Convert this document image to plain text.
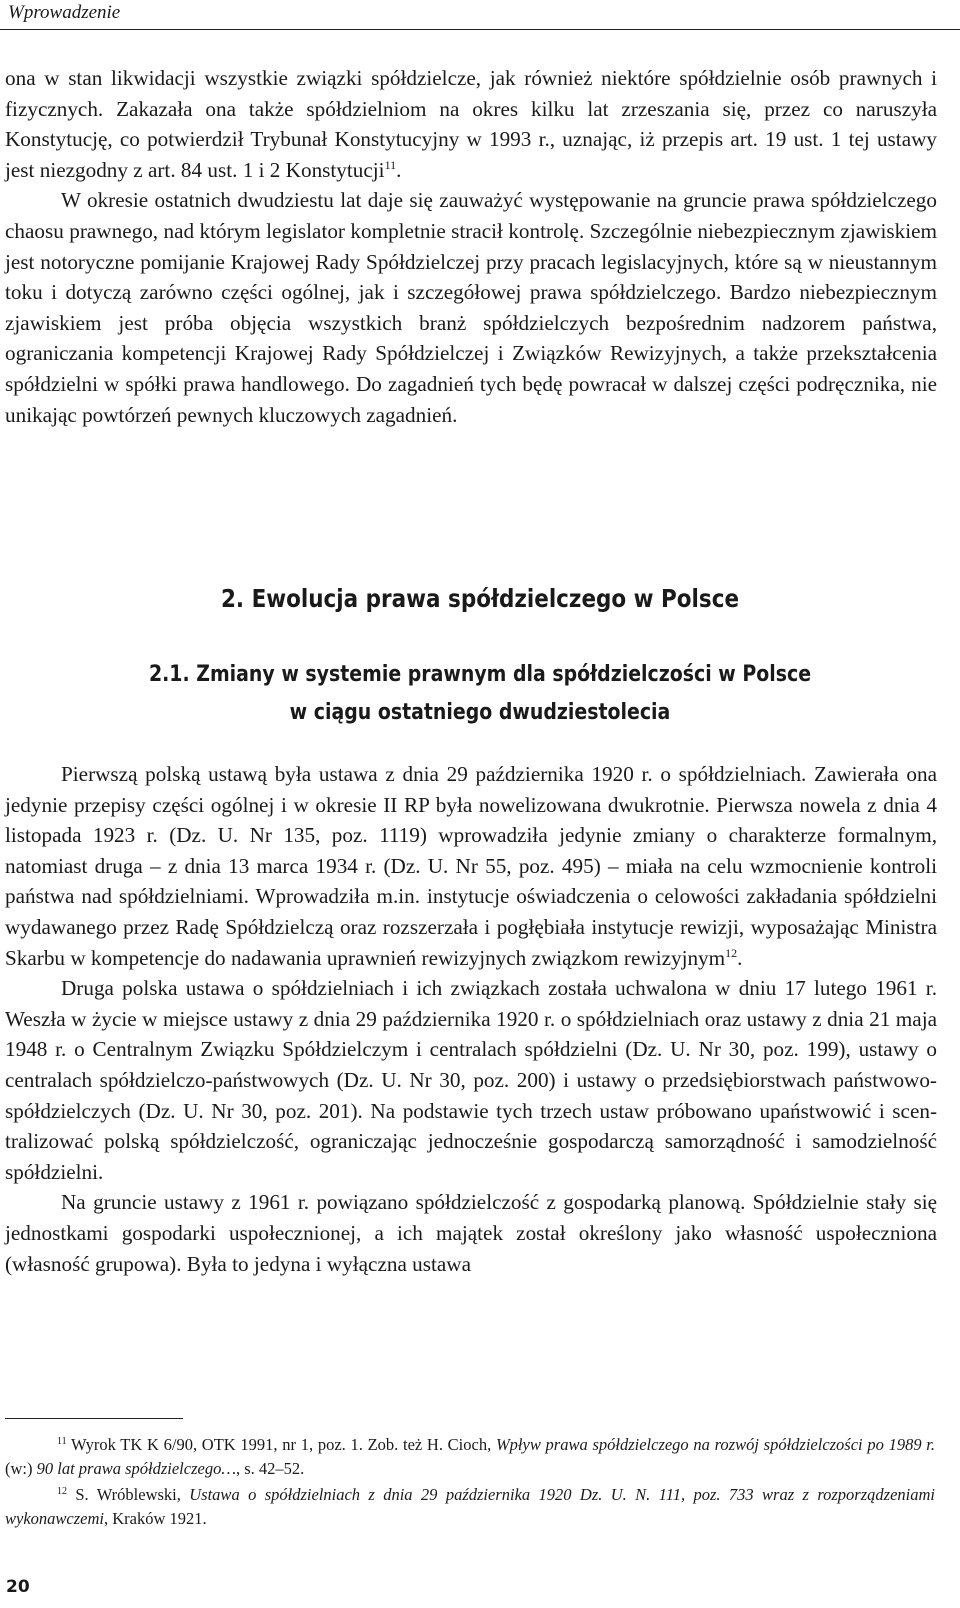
Wprowadzenie

ona w stan likwidacji wszystkie związki spółdzielcze, jak również niektóre spółdzielnie osób prawnych i fizycznych. Zakazała ona także spółdzielniom na okres kilku lat zrzeszania się, przez co naruszyła Konstytucję, co potwierdził Trybunał Konstytucyjny w 1993 r., uznając, iż przepis art. 19 ust. 1 tej ustawy jest niezgodny z art. 84 ust. 1 i 2 Konstytucji$^{11}$.

W okresie ostatnich dwudziestu lat daje się zauważyć występowanie na gruncie prawa spółdzielczego chaosu prawnego, nad którym legislator kompletnie stracił kontrolę. Szczególnie niebezpiecznym zjawiskiem jest notoryczne pomijanie Krajowej Rady Spółdzielczej przy pracach legislacyjnych, które są w nieustannym toku i dotyczą zarówno części ogólnej, jak i szczegółowej prawa spółdzielczego. Bardzo niebezpiecznym zjawiskiem jest próba objęcia wszystkich branż spółdzielczych bezpośrednim nadzorem państwa, ograniczania kompetencji Krajowej Rady Spółdzielczej i Związków Rewizyjnych, a także przekształcenia spółdzielni w spółki prawa handlowego. Do zagadnień tych będę powracał w dalszej części podręcznika, nie unikając powtórzeń pewnych kluczowych zagadnień.

2. Ewolucja prawa spółdzielczego w Polsce
2.1. Zmiany w systemie prawnym dla spółdzielczości w Polsce
w ciągu ostatniego dwudziestolecia

Pierwszą polską ustawą była ustawa z dnia 29 października 1920 r. o spółdzielniach. Zawierała ona jedynie przepisy części ogólnej i w okresie II RP była nowelizowana dwukrotnie. Pierwsza nowela z dnia 4 listopada 1923 r. (Dz. U. Nr 135, poz. 1119) wprowadziła jedynie zmiany o charakterze formalnym, natomiast druga – z dnia 13 marca 1934 r. (Dz. U. Nr 55, poz. 495) – miała na celu wzmocnienie kontroli państwa nad spółdzielniami. Wprowadziła m.in. instytucje oświadczenia o celowości zakładania spółdzielni wydawanego przez Radę Spółdzielczą oraz rozszerzała i pogłębiała instytucje rewizji, wyposażając Ministra Skarbu w kompetencje do nadawania uprawnień rewizyjnych związkom rewizyjnym$^{12}$.

Druga polska ustawa o spółdzielniach i ich związkach została uchwalona w dniu 17 lutego 1961 r. Weszła w życie w miejsce ustawy z dnia 29 października 1920 r. o spółdzielniach oraz ustawy z dnia 21 maja 1948 r. o Centralnym Związku Spółdzielczym i centralach spółdzielni (Dz. U. Nr 30, poz. 199), ustawy o centralach spółdzielczo-państwowych (Dz. U. Nr 30, poz. 200) i ustawy o przedsiębiorstwach państwowo-spółdzielczych (Dz. U. Nr 30, poz. 201). Na podstawie tych trzech ustaw próbowano upaństwowić i scentralizować polską spółdzielczość, ograniczając jednocześnie gospodarczą samorządność i samodzielność spółdzielni.

Na gruncie ustawy z 1961 r. powiązano spółdzielczość z gospodarką planową. Spółdzielnie stały się jednostkami gospodarki uspołecznionej, a ich majątek został określony jako własność uspołeczniona (własność grupowa). Była to jedyna i wyłączna ustawa

$^{11}$ Wyrok TK K 6/90, OTK 1991, nr 1, poz. 1. Zob. też H. Cioch, Wpływ prawa spółdzielczego na rozwój spółdzielczości po 1989 r. (w:) 90 lat prawa spółdzielczego…, s. 42–52.

$^{12}$ S. Wróblewski, Ustawa o spółdzielniach z dnia 29 października 1920 Dz. U. N. 111, poz. 733 wraz z rozporządzeniami wykonawczemi, Kraków 1921.

20
